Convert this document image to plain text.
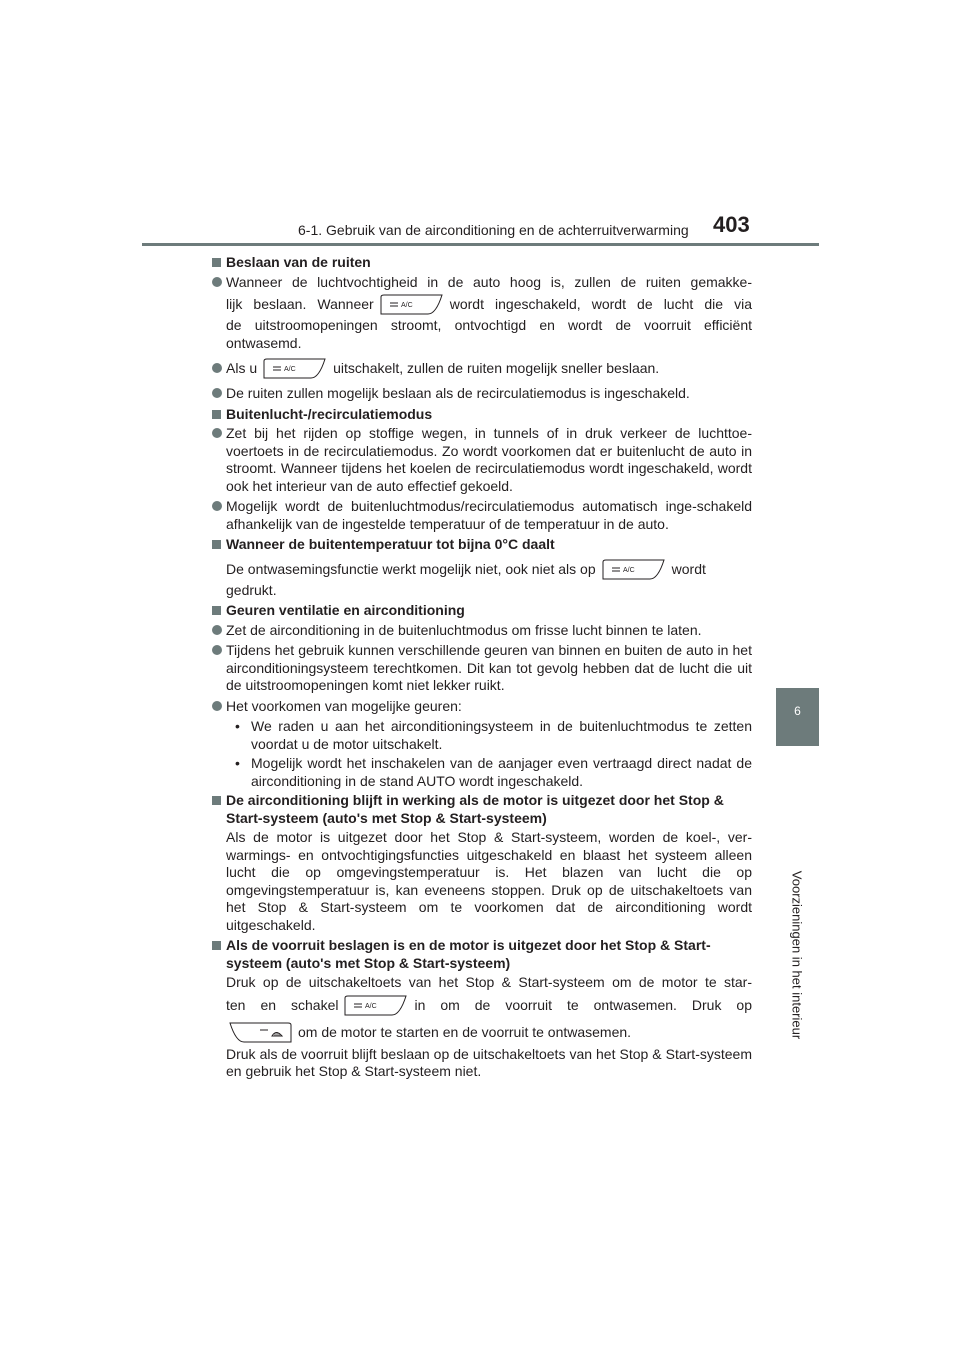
6-1. Gebruik van de airconditioning en de achterruitverwarming 403
6
Voorzieningen in het interieur
Beslaan van de ruiten
Wanneer de luchtvochtigheid in de auto hoog is, zullen de ruiten gemakke-
lijk beslaan. Wanneer	A/C	wordt ingeschakeld, wordt de lucht die via
de uitstroomopeningen stroomt, ontvochtigd en wordt de voorruit efficiënt ontwasemd.
Als u	A/C	uitschakelt, zullen de ruiten mogelijk sneller beslaan.
De ruiten zullen mogelijk beslaan als de recirculatiemodus is ingeschakeld.
Buitenlucht-/recirculatiemodus
Zet bij het rijden op stoffige wegen, in tunnels of in druk verkeer de luchttoe-voertoets in de recirculatiemodus. Zo wordt voorkomen dat er buitenlucht de auto in stroomt. Wanneer tijdens het koelen de recirculatiemodus wordt ingeschakeld, wordt ook het interieur van de auto effectief gekoeld.
Mogelijk wordt de buitenluchtmodus/recirculatiemodus automatisch inge-schakeld afhankelijk van de ingestelde temperatuur of de temperatuur in de auto.
Wanneer de buitentemperatuur tot bijna 0°C daalt
De ontwasemingsfunctie werkt mogelijk niet, ook niet als op	A/C	wordt
gedrukt.
Geuren ventilatie en airconditioning
Zet de airconditioning in de buitenluchtmodus om frisse lucht binnen te laten.
Tijdens het gebruik kunnen verschillende geuren van binnen en buiten de auto in het airconditioningsysteem terechtkomen. Dit kan tot gevolg hebben dat de lucht die uit de uitstroomopeningen komt niet lekker ruikt.
Het voorkomen van mogelijke geuren:
• We raden u aan het airconditioningsysteem in de buitenluchtmodus te zetten voordat u de motor uitschakelt.
• Mogelijk wordt het inschakelen van de aanjager even vertraagd direct nadat de airconditioning in de stand AUTO wordt ingeschakeld.
De airconditioning blijft in werking als de motor is uitgezet door het Stop & Start-systeem (auto's met Stop & Start-systeem)
Als de motor is uitgezet door het Stop & Start-systeem, worden de koel-, ver-warmings- en ontvochtigingsfuncties uitgeschakeld en blaast het systeem alleen lucht die op omgevingstemperatuur is. Het blazen van lucht die op omgevingstemperatuur is, kan eveneens stoppen. Druk op de uitschakeltoets van het Stop & Start-systeem om te voorkomen dat de airconditioning wordt uitgeschakeld.
Als de voorruit beslagen is en de motor is uitgezet door het Stop & Start-systeem (auto's met Stop & Start-systeem)
Druk op de uitschakeltoets van het Stop & Start-systeem om de motor te star-
ten en schakel	A/C	in om de voorruit te ontwasemen. Druk op
om de motor te starten en de voorruit te ontwasemen.
Druk als de voorruit blijft beslaan op de uitschakeltoets van het Stop & Start-systeem en gebruik het Stop & Start-systeem niet.
